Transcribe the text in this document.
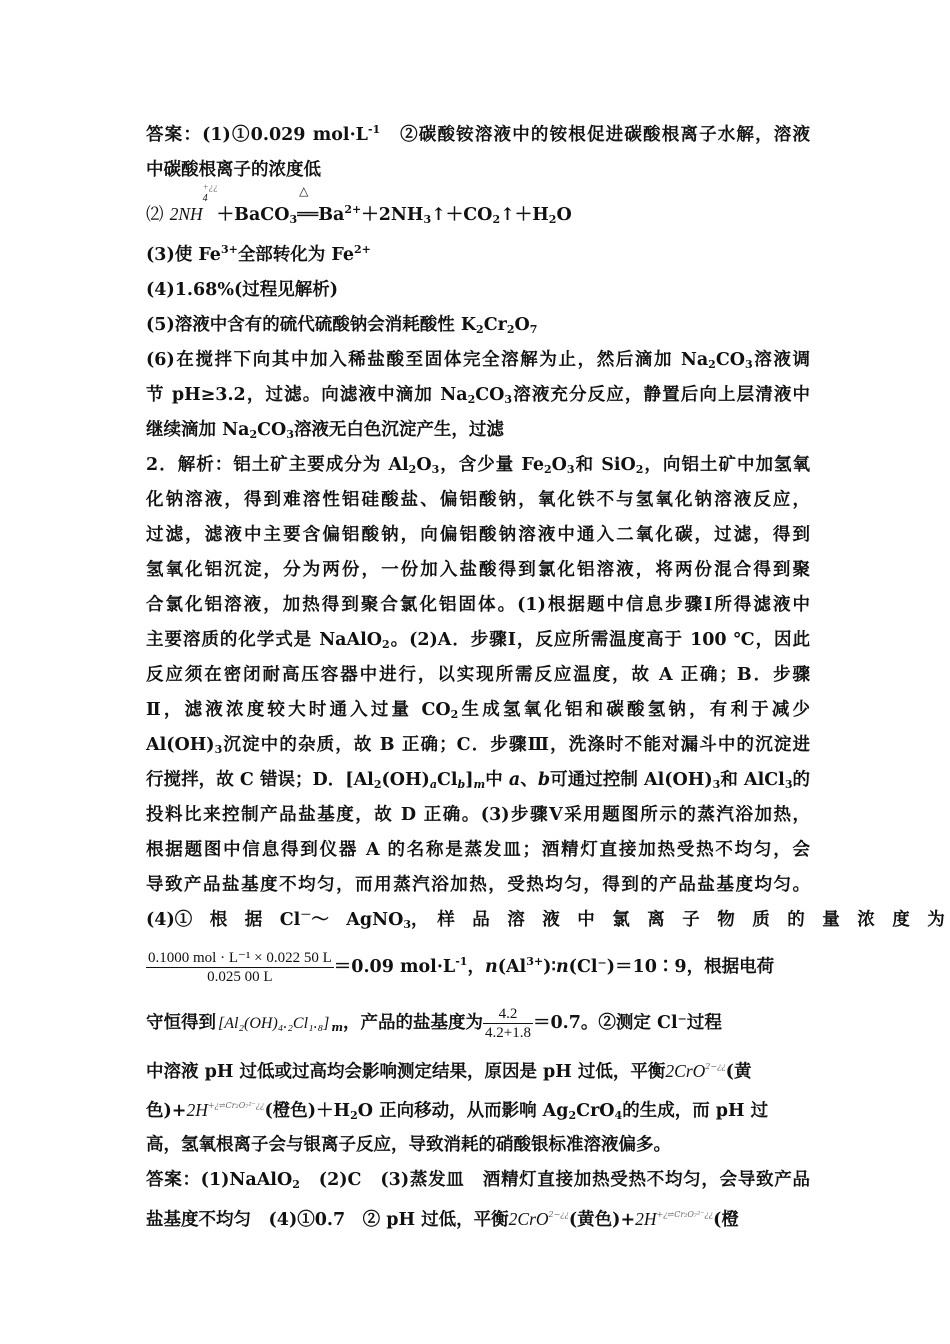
答案：(1)①0.029 $mol\cdot L^{-1}$　②碳酸铵溶液中的铵根促进碳酸根离子水解，溶液
中碳酸根离子的浓度低
⑵ 2NH
+¿¿
4
＋BaCO$_3$
△
$══Ba^{2+}+2NH_3↑+CO_2↑+H_2O$
(3)使 $Fe^{3+}$全部转化为 $Fe^{2+}$
(4)1.68%(过程见解析)
(5)溶液中含有的硫代硫酸钠会消耗酸性 $K_2Cr_2O_7$
(6)在搅拌下向其中加入稀盐酸至固体完全溶解为止，然后滴加 $Na_2CO_3$溶液调
节 pH≥3.2，过滤。向滤液中滴加 $Na_2CO_3$溶液充分反应，静置后向上层清液中
继续滴加 $Na_2CO_3$溶液无白色沉淀产生，过滤
2．解析：铝土矿主要成分为 $Al_2O_3$，含少量 $Fe_2O_3$和 SiO$_2$，向铝土矿中加氢氧
化钠溶液，得到难溶性铝硅酸盐、偏铝酸钠，氧化铁不与氢氧化钠溶液反应，
过滤，滤液中主要含偏铝酸钠，向偏铝酸钠溶液中通入二氧化碳，过滤，得到
氢氧化铝沉淀，分为两份，一份加入盐酸得到氯化铝溶液，将两份混合得到聚
合氯化铝溶液，加热得到聚合氯化铝固体。(1)根据题中信息步骤Ⅰ所得滤液中
主要溶质的化学式是 NaAlO$_2$。(2)A．步骤Ⅰ，反应所需温度高于 100 ℃，因此
反应须在密闭耐高压容器中进行，以实现所需反应温度，故 A 正确；B．步骤
Ⅱ，滤液浓度较大时通入过量 $CO_2$生成氢氧化铝和碳酸氢钠，有利于减少
$Al(OH)_3$沉淀中的杂质，故 B 正确；C．步骤Ⅲ，洗涤时不能对漏斗中的沉淀进
行搅拌，故 C 错误；D．$[Al_2(OH)_aCl_b]_m$中 a、b可通过控制 $Al(OH)_3$和 AlCl$_3$的
投料比来控制产品盐基度，故 D 正确。(3)步骤Ⅴ采用题图所示的蒸汽浴加热，
根据题图中信息得到仪器 A 的名称是蒸发皿；酒精灯直接加热受热不均匀，会
导致产品盐基度不均匀，而用蒸汽浴加热，受热均匀，得到的产品盐基度均匀。
(4)①　根　据　Cl－～　AgNO$_3$，　样　品　溶　液　中　氯　离　子　物　质　的　量　浓　度　为
$\frac{\text{0.1000 mol · L⁻¹ × 0.022 50 L}}{0.025 00 L} =0.09$ $mol\cdot L^{-1}$，$n(Al^{3+})∶n(Cl^-)=10∶9$，根据电荷
守恒得到 [Al₂(OH)₄.₂Cl₁.₈] $_m$，产品的盐基度为 $\frac{4.2}{4.2+1.8} =0.7$。②测定 Cl⁻过程
中溶液 pH 过低或过高均会影响测定结果，原因是 pH 过低，平衡2CrO$^{2-¿¿}$(黄
色)$+2H^{+¿\rightleftharpoons Cr_2O_7^{2-}¿¿}$(橙色)$+H_2O$ 正向移动，从而影响 $Ag_2CrO_4$的生成，而 pH 过
高，氢氧根离子会与银离子反应，导致消耗的硝酸银标准溶液偏多。
答案：(1)NaAlO$_2$　(2)C　(3)蒸发皿　酒精灯直接加热受热不均匀，会导致产品
盐基度不均匀　(4)①0.7　② pH 过低，平衡2CrO$^{2-¿¿}$(黄色)$+2H^{+¿\rightleftharpoons Cr_2O_7^{2-}¿¿}$(橙
